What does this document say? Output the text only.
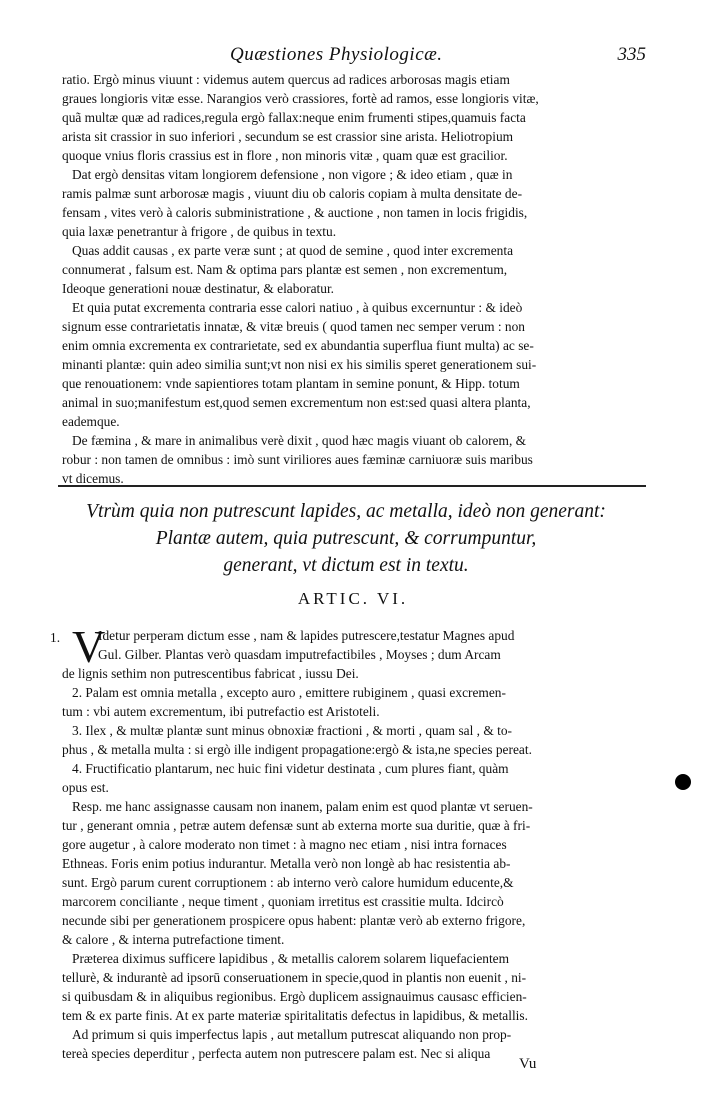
Quæstiones Physiologicæ.	335
ratio. Ergò minus viuunt : videmus autem quercus ad radices arborosas magis etiam
graues longioris vitæ esse. Narangios verò crassiores, fortè ad ramos, esse longioris vitæ,
quã multæ quæ ad radices,regula ergò fallax:neque enim frumenti stipes,quamuis facta
arista sit crassior in suo inferiori , secundum se est crassior sine arista. Heliotropium
quoque vnius floris crassius est in flore , non minoris vitæ , quam quæ est gracilior.
Dat ergò densitas vitam longiorem defensione , non vigore ; & ideo etiam , quæ in
ramis palmæ sunt arborosæ magis , viuunt diu ob caloris copiam à multa densitate de-
fensam , vites verò à caloris subministratione , & auctione , non tamen in locis frigidis,
quia laxæ penetrantur à frigore , de quibus in textu.
Quas addit causas , ex parte veræ sunt ; at quod de semine , quod inter excrementa
connumerat , falsum est. Nam & optima pars plantæ est semen , non excrementum,
Ideoque generationi nouæ destinatur, & elaboratur.
Et quia putat excrementa contraria esse calori natiuo , à quibus excernuntur : & ideò
signum esse contrarietatis innatæ, & vitæ breuis ( quod tamen nec semper verum : non
enim omnia excrementa ex contrarietate, sed ex abundantia superflua fiunt multa) ac se-
minanti plantæ: quin adeo similia sunt;vt non nisi ex his similis speret generationem sui-
que renouationem: vnde sapientiores totam plantam in semine ponunt, & Hipp. totum
animal in suo;manifestum est,quod semen excrementum non est:sed quasi altera planta,
eademque.
De fæmina , & mare in animalibus verè dixit , quod hæc magis viuant ob calorem, &
robur : non tamen de omnibus : imò sunt viriliores aues fæminæ carniuoræ suis maribus
vt dicemus.
Vtrùm quia non putrescunt lapides, ac metalla, ideò non generant:
Plantæ autem, quia putrescunt, & corrumpuntur,
generant, vt dictum est in textu.
ARTIC. VI.
1. V
Idetur perperam dictum esse , nam & lapides putrescere,testatur Magnes apud
Gul. Gilber. Plantas verò quasdam imputrefactibiles , Moyses ; dum Arcam
de lignis sethim non putrescentibus fabricat , iussu Dei.
2. Palam est omnia metalla , excepto auro , emittere rubiginem , quasi excremen-
tum : vbi autem excrementum, ibi putrefactio est Aristoteli.
3. Ilex , & multæ plantæ sunt minus obnoxiæ fractioni , & morti , quam sal , & to-
phus , & metalla multa : si ergò ille indigent propagatione:ergò & ista,ne species pereat.
4. Fructificatio plantarum, nec huic fini videtur destinata , cum plures fiant, quàm
opus est.
Resp. me hanc assignasse causam non inanem, palam enim est quod plantæ vt seruen-
tur , generant omnia , petræ autem defensæ sunt ab externa morte sua duritie, quæ à fri-
gore augetur , à calore moderato non timet : à magno nec etiam , nisi intra fornaces
Ethneas. Foris enim potius indurantur. Metalla verò non longè ab hac resistentia ab-
sunt. Ergò parum curent corruptionem : ab interno verò calore humidum educente,&
marcorem conciliante , neque timent , quoniam irretitus est crassitie multa. Idcircò
necunde sibi per generationem prospicere opus habent: plantæ verò ab externo frigore,
& calore , & interna putrefactione timent.
Præterea diximus sufficere lapidibus , & metallis calorem solarem liquefacientem
tellurè, & indurantè ad ipsorū conseruationem in specie,quod in plantis non euenit , ni-
si quibusdam & in aliquibus regionibus. Ergò duplicem assignauimus causasc efficien-
tem & ex parte finis. At ex parte materiæ spiritalitatis defectus in lapidibus, & metallis.
Ad primum si quis imperfectus lapis , aut metallum putrescat aliquando non prop-
tereà species deperditur , perfecta autem non putrescere palam est. Nec si aliqua
Vu
